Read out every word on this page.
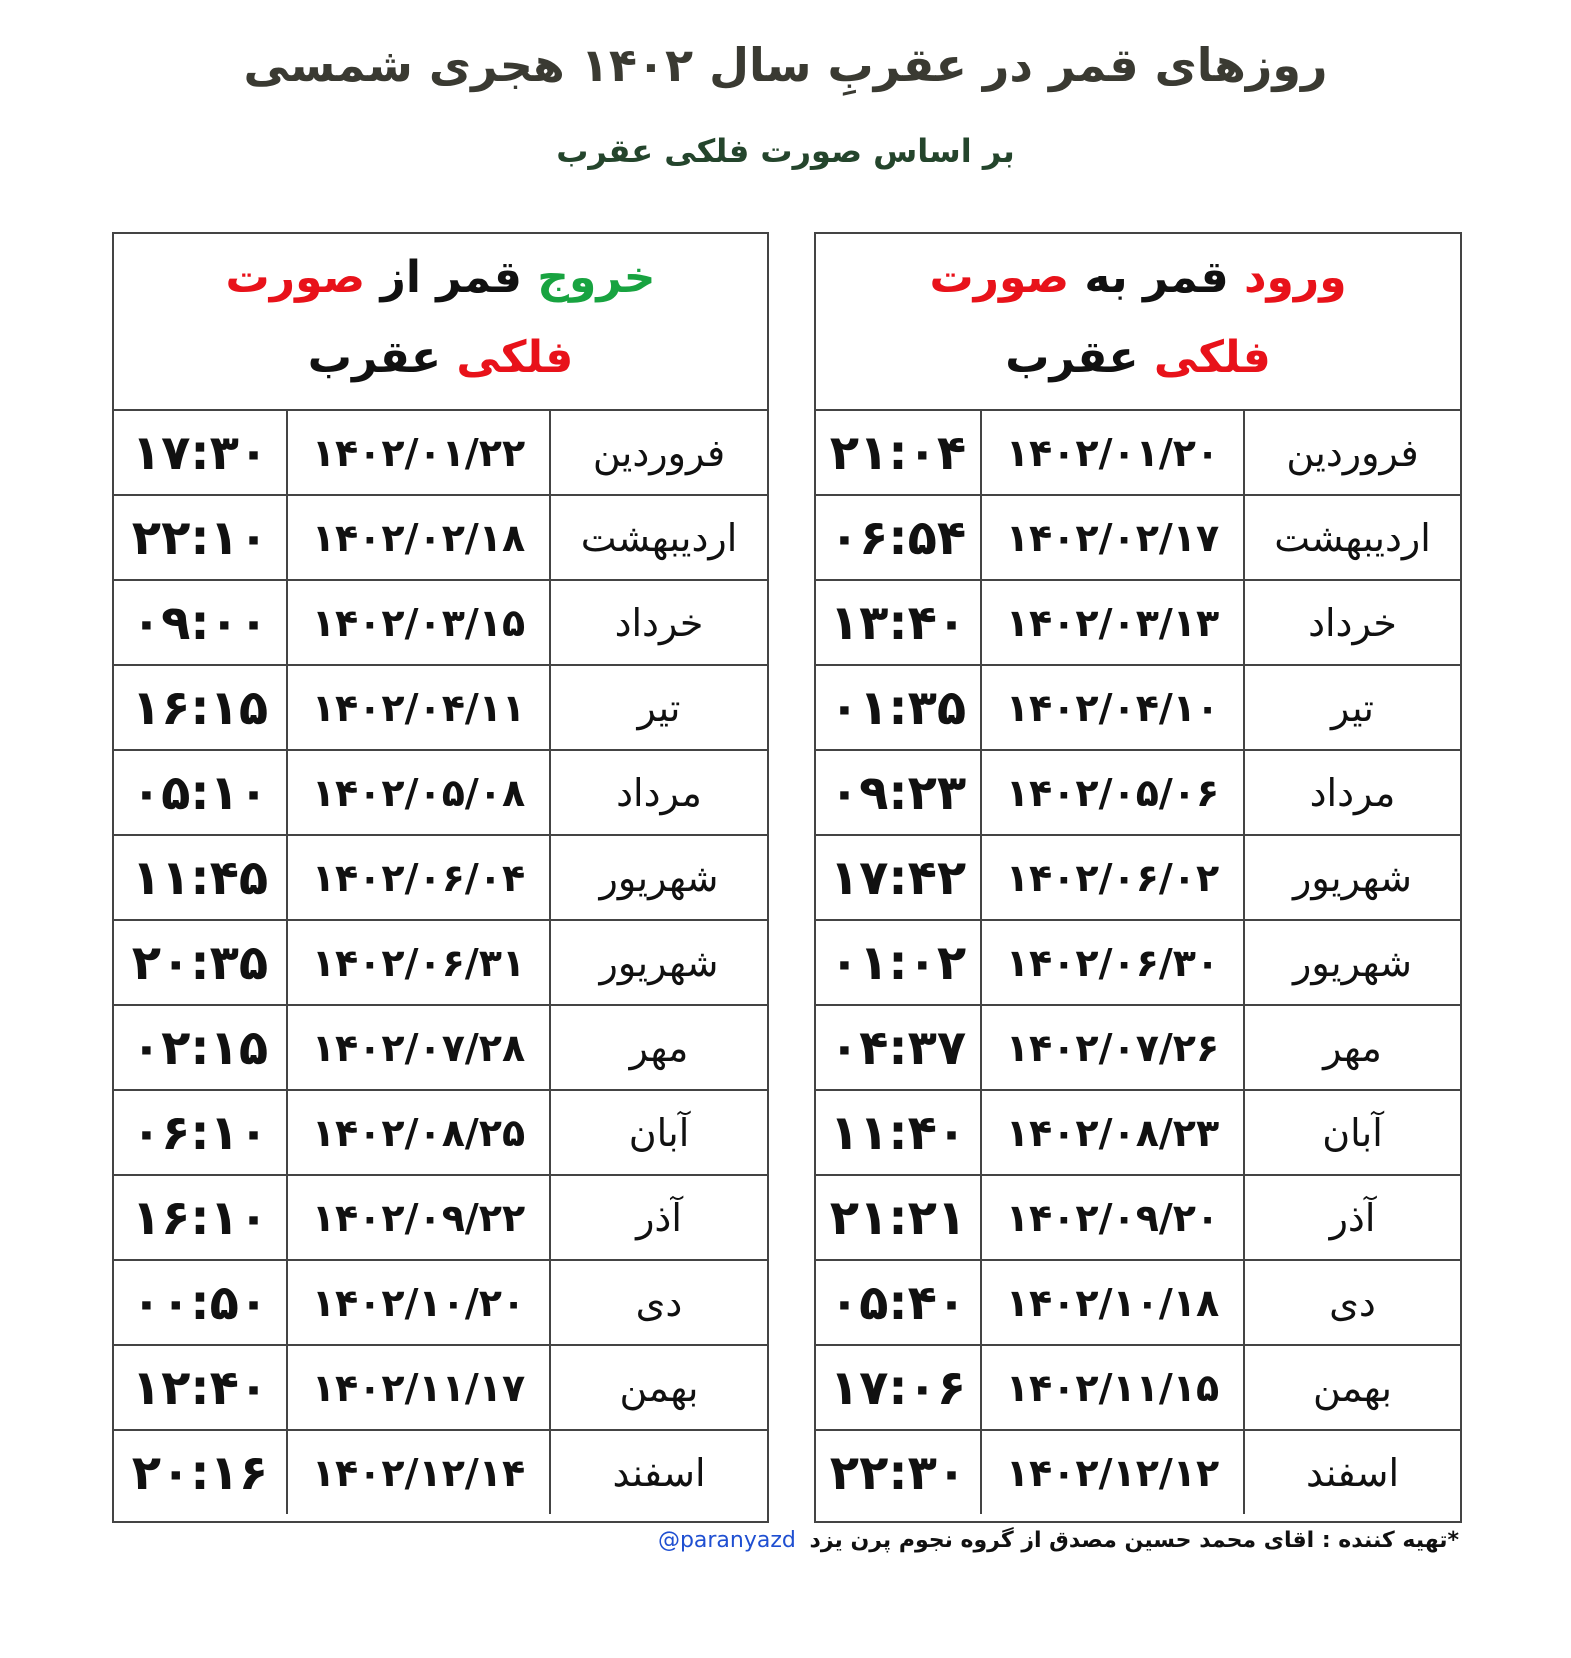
روزهای قمر در عقربِ سال ۱۴۰۲ هجری شمسی
بر اساس صورت فلکی عقرب
خروج قمر از صورت
فلکی عقرب
۱۷:۳۰	۱۴۰۲/۰۱/۲۲	فروردین
۲۲:۱۰	۱۴۰۲/۰۲/۱۸	اردیبهشت
۰۹:۰۰	۱۴۰۲/۰۳/۱۵	خرداد
۱۶:۱۵	۱۴۰۲/۰۴/۱۱	تیر
۰۵:۱۰	۱۴۰۲/۰۵/۰۸	مرداد
۱۱:۴۵	۱۴۰۲/۰۶/۰۴	شهریور
۲۰:۳۵	۱۴۰۲/۰۶/۳۱	شهریور
۰۲:۱۵	۱۴۰۲/۰۷/۲۸	مهر
۰۶:۱۰	۱۴۰۲/۰۸/۲۵	آبان
۱۶:۱۰	۱۴۰۲/۰۹/۲۲	آذر
۰۰:۵۰	۱۴۰۲/۱۰/۲۰	دی
۱۲:۴۰	۱۴۰۲/۱۱/۱۷	بهمن
۲۰:۱۶	۱۴۰۲/۱۲/۱۴	اسفند
ورود قمر به صورت
فلکی عقرب
۲۱:۰۴	۱۴۰۲/۰۱/۲۰	فروردین
۰۶:۵۴	۱۴۰۲/۰۲/۱۷	اردیبهشت
۱۳:۴۰	۱۴۰۲/۰۳/۱۳	خرداد
۰۱:۳۵	۱۴۰۲/۰۴/۱۰	تیر
۰۹:۲۳	۱۴۰۲/۰۵/۰۶	مرداد
۱۷:۴۲	۱۴۰۲/۰۶/۰۲	شهریور
۰۱:۰۲	۱۴۰۲/۰۶/۳۰	شهریور
۰۴:۳۷	۱۴۰۲/۰۷/۲۶	مهر
۱۱:۴۰	۱۴۰۲/۰۸/۲۳	آبان
۲۱:۲۱	۱۴۰۲/۰۹/۲۰	آذر
۰۵:۴۰	۱۴۰۲/۱۰/۱۸	دی
۱۷:۰۶	۱۴۰۲/۱۱/۱۵	بهمن
۲۲:۳۰	۱۴۰۲/۱۲/۱۲	اسفند
*تهیه کننده : اقای محمد حسین مصدق از گروه نجوم پرن یزد @paranyazd
